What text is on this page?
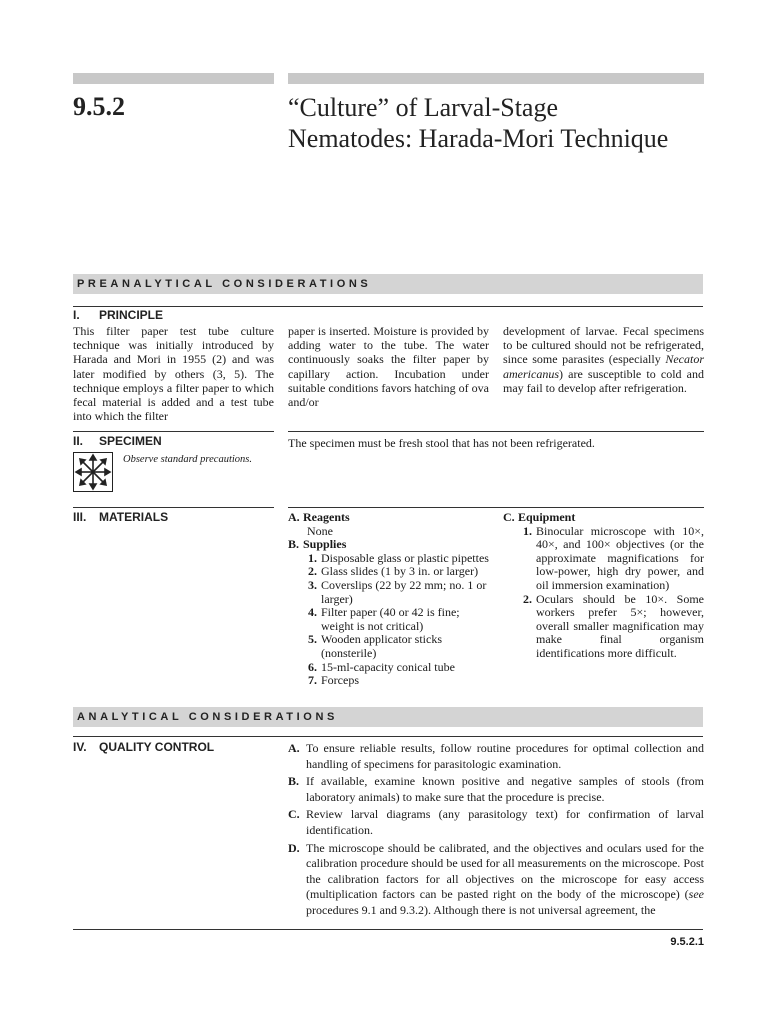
9.5.2	“Culture” of Larval-Stage
Nematodes: Harada-Mori Technique
PREANALYTICAL CONSIDERATIONS
I. PRINCIPLE
This filter paper test tube culture technique was initially introduced by Harada and Mori in 1955 (2) and was later modified by others (3, 5). The technique employs a filter paper to which fecal material is added and a test tube into which the filter
paper is inserted. Moisture is provided by adding water to the tube. The water continuously soaks the filter paper by capillary action. Incubation under suitable conditions favors hatching of ova and/or
development of larvae. Fecal specimens to be cultured should not be refrigerated, since some parasites (especially Necator americanus) are susceptible to cold and may fail to develop after refrigeration.
II. SPECIMEN
Observe standard precautions.
The specimen must be fresh stool that has not been refrigerated.
III. MATERIALS	A. Reagents
None
B. Supplies
1. Disposable glass or plastic pipettes
2. Glass slides (1 by 3 in. or larger)
3. Coverslips (22 by 22 mm; no. 1 or larger)
4. Filter paper (40 or 42 is fine; weight is not critical)
5. Wooden applicator sticks (nonsterile)
6. 15-ml-capacity conical tube
7. Forceps
C. Equipment
1. Binocular microscope with 10×, 40×, and 100× objectives (or the approximate magnifications for low-power, high dry power, and oil immersion examination)
2. Oculars should be 10×. Some workers prefer 5×; however, overall smaller magnification may make final organism identifications more difficult.
ANALYTICAL CONSIDERATIONS
IV. QUALITY CONTROL	A. To ensure reliable results, follow routine procedures for optimal collection and handling of specimens for parasitologic examination.
B. If available, examine known positive and negative samples of stools (from laboratory animals) to make sure that the procedure is precise.
C. Review larval diagrams (any parasitology text) for confirmation of larval identification.
D. The microscope should be calibrated, and the objectives and oculars used for the calibration procedure should be used for all measurements on the microscope. Post the calibration factors for all objectives on the microscope for easy access (multiplication factors can be pasted right on the body of the microscope) (see procedures 9.1 and 9.3.2). Although there is not universal agreement, the
9.5.2.1
